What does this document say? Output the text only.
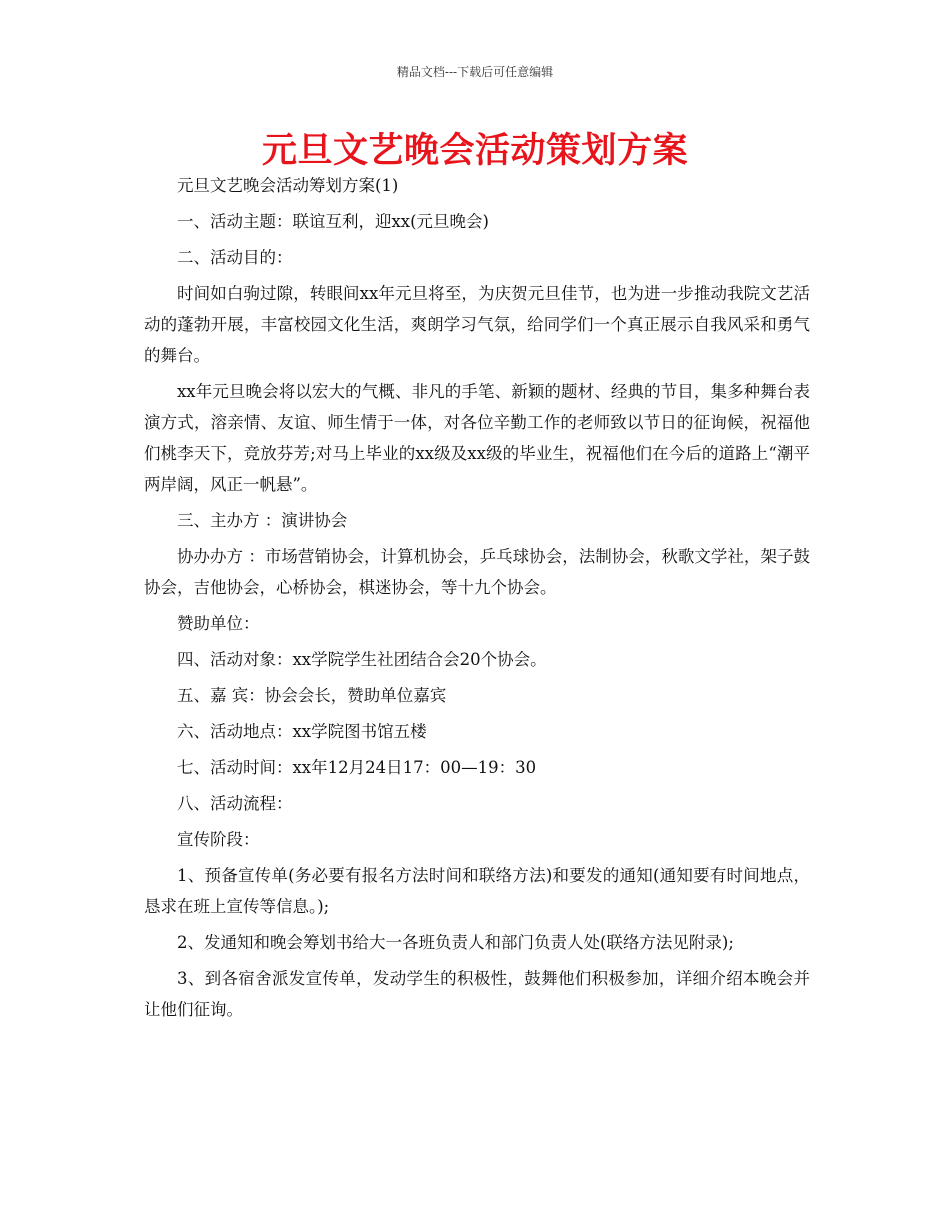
精品文档---下载后可任意编辑
元旦文艺晚会活动策划方案

元旦文艺晚会活动筹划方案(1)

一、活动主题：联谊互利，迎xx(元旦晚会)

二、活动目的：

时间如白驹过隙，转眼间xx年元旦将至，为庆贺元旦佳节，也为进一步推动我院文艺活动的蓬勃开展，丰富校园文化生活，爽朗学习气氛，给同学们一个真正展示自我风采和勇气的舞台。

xx年元旦晚会将以宏大的气概、非凡的手笔、新颖的题材、经典的节目，集多种舞台表演方式，溶亲情、友谊、师生情于一体，对各位辛勤工作的老师致以节日的征询候，祝福他们桃李天下，竞放芬芳;对马上毕业的xx级及xx级的毕业生，祝福他们在今后的道路上“潮平两岸阔，风正一帆悬”。

三、主办方 ：演讲协会

协办办方 ：市场营销协会，计算机协会，乒乓球协会，法制协会，秋歌文学社，架子鼓协会，吉他协会，心桥协会，棋迷协会，等十九个协会。

赞助单位：

四、活动对象：xx学院学生社团结合会20个协会。

五、嘉 宾：协会会长，赞助单位嘉宾

六、活动地点：xx学院图书馆五楼

七、活动时间：xx年12月24日17：00—19：30

八、活动流程：

宣传阶段：

1、预备宣传单(务必要有报名方法时间和联络方法)和要发的通知(通知要有时间地点，恳求在班上宣传等信息。);

2、发通知和晚会筹划书给大一各班负责人和部门负责人处(联络方法见附录);

3、到各宿舍派发宣传单，发动学生的积极性，鼓舞他们积极参加，详细介绍本晚会并让他们征询。
